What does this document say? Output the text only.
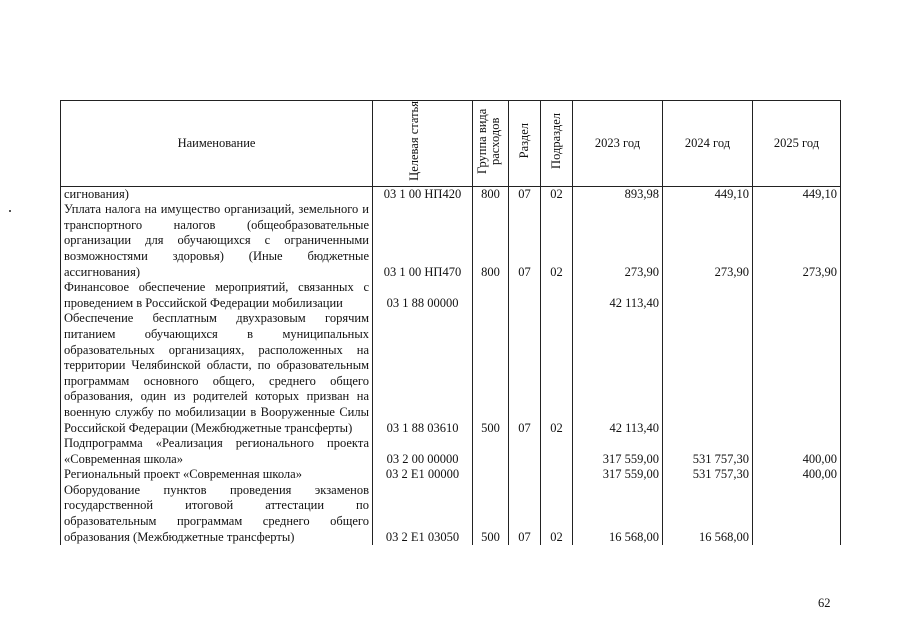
Наименование	Целевая статья	Группа вида расходов	Раздел	Подраздел	2023 год	2024 год	2025 год
сигнования)	03 1 00 НП420	800	07	02	893,98	449,10	449,10
Уплата налога на имущество организаций, земельного и транспортного налогов (общеобразовательные организации для обучающихся с ограниченными возможностями здоровья) (Иные бюджетные ассигнования)	03 1 00 НП470	800	07	02	273,90	273,90	273,90
Финансовое обеспечение мероприятий, связанных с проведением в Российской Федерации мобилизации	03 1 88 00000				42 113,40		
Обеспечение бесплатным двухразовым горячим питанием обучающихся в муниципальных образовательных организациях, расположенных на территории Челябинской области, по образовательным программам основного общего, среднего общего образования, один из родителей которых призван на военную службу по мобилизации в Вооруженные Силы Российской Федерации (Межбюджетные трансферты)	03 1 88 03610	500	07	02	42 113,40		
Подпрограмма «Реализация регионального проекта «Современная школа»	03 2 00 00000				317 559,00	531 757,30	400,00
Региональный проект «Современная школа»	03 2 E1 00000				317 559,00	531 757,30	400,00
Оборудование пунктов проведения экзаменов государственной итоговой аттестации по образовательным программам среднего общего образования (Межбюджетные трансферты)	03 2 E1 03050	500	07	02	16 568,00	16 568,00	
62
